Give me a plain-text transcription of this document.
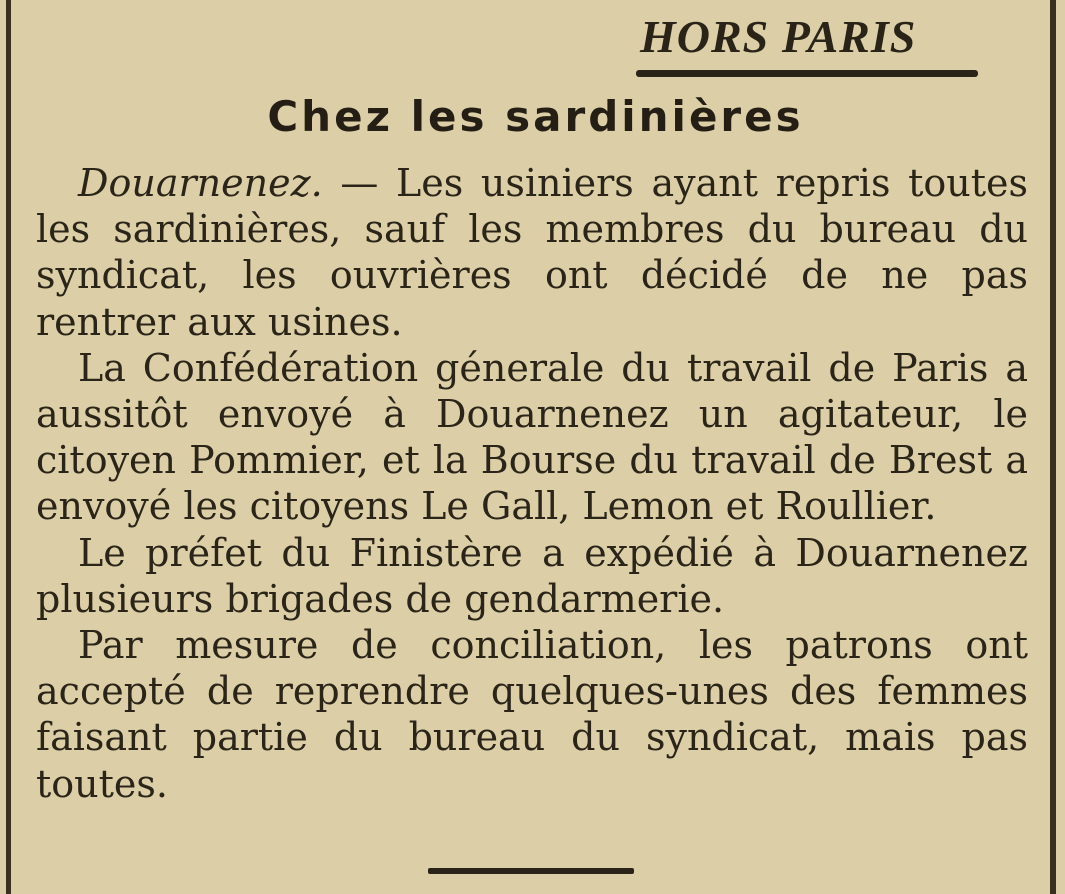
HORS PARIS
Chez les sardinières

Douarnenez. — Les usiniers ayant repris toutes les sardinières, sauf les membres du bureau du syndicat, les ouvrières ont décidé de ne pas rentrer aux usines.

La Confédération génerale du travail de Paris a aussitôt envoyé à Douarnenez un agitateur, le citoyen Pommier, et la Bourse du travail de Brest a envoyé les citoyens Le Gall, Lemon et Roullier.

Le préfet du Finistère a expédié à Douarnenez plusieurs brigades de gendarmerie.

Par mesure de conciliation, les patrons ont accepté de reprendre quelques-unes des femmes faisant partie du bureau du syndicat, mais pas toutes.
